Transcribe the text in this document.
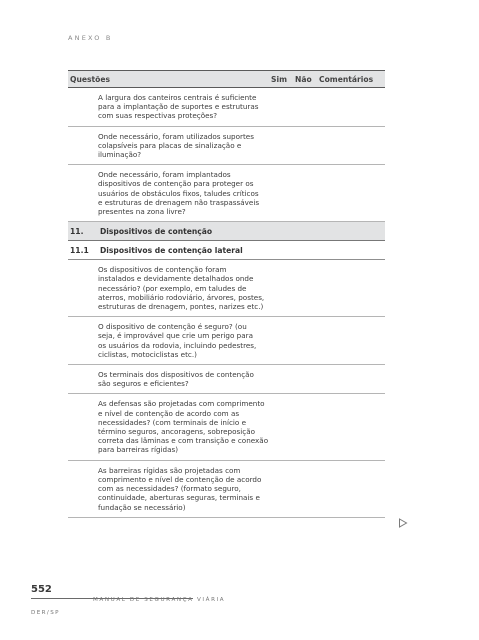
ANEXO B
Questões	Sim	Não Comentários
A largura dos canteiros centrais é suficiente
para a implantação de suportes e estruturas
com suas respectivas proteções?
Onde necessário, foram utilizados suportes
colapsíveis para placas de sinalização e
iluminação?
Onde necessário, foram implantados
dispositivos de contenção para proteger os
usuários de obstáculos fixos, taludes críticos
e estruturas de drenagem não traspassáveis
presentes na zona livre?
11.	Dispositivos de contenção
11.1	Dispositivos de contenção lateral
Os dispositivos de contenção foram
instalados e devidamente detalhados onde
necessário? (por exemplo, em taludes de
aterros, mobiliário rodoviário, árvores, postes,
estruturas de drenagem, pontes, narizes etc.)
O dispositivo de contenção é seguro? (ou
seja, é improvável que crie um perigo para
os usuários da rodovia, incluindo pedestres,
ciclistas, motociclistas etc.)
Os terminais dos dispositivos de contenção
são seguros e eficientes?
As defensas são projetadas com comprimento
e nível de contenção de acordo com as
necessidades? (com terminais de início e
término seguros, ancoragens, sobreposição
correta das lâminas e com transição e conexão
para barreiras rígidas)
As barreiras rígidas são projetadas com
comprimento e nível de contenção de acordo
com as necessidades? (formato seguro,
continuidade, aberturas seguras, terminais e
fundação se necessário)
552
MANUAL DE SEGURANÇA VIÁRIA
DER/SP
